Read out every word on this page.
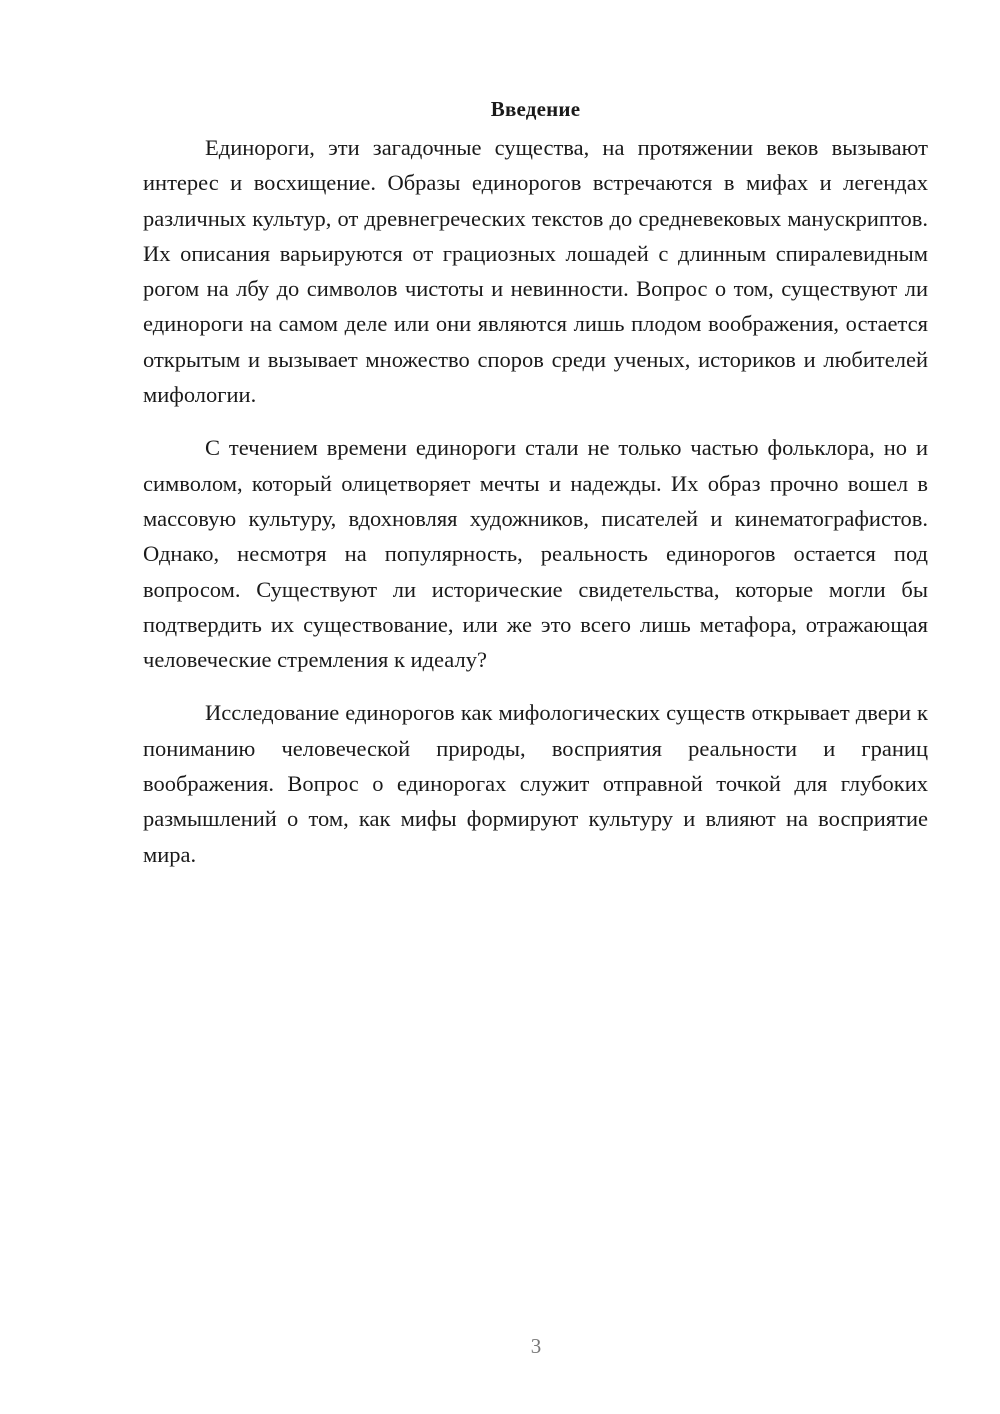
Введение

Единороги, эти загадочные существа, на протяжении веков вызывают интерес и восхищение. Образы единорогов встречаются в мифах и легендах различных культур, от древнегреческих текстов до средневековых манускриптов. Их описания варьируются от грациозных лошадей с длинным спиралевидным рогом на лбу до символов чистоты и невинности. Вопрос о том, существуют ли единороги на самом деле или они являются лишь плодом воображения, остается открытым и вызывает множество споров среди ученых, историков и любителей мифологии.

С течением времени единороги стали не только частью фольклора, но и символом, который олицетворяет мечты и надежды. Их образ прочно вошел в массовую культуру, вдохновляя художников, писателей и кинематографистов. Однако, несмотря на популярность, реальность единорогов остается под вопросом. Существуют ли исторические свидетельства, которые могли бы подтвердить их существование, или же это всего лишь метафора, отражающая человеческие стремления к идеалу?

Исследование единорогов как мифологических существ открывает двери к пониманию человеческой природы, восприятия реальности и границ воображения. Вопрос о единорогах служит отправной точкой для глубоких размышлений о том, как мифы формируют культуру и влияют на восприятие мира.

3
